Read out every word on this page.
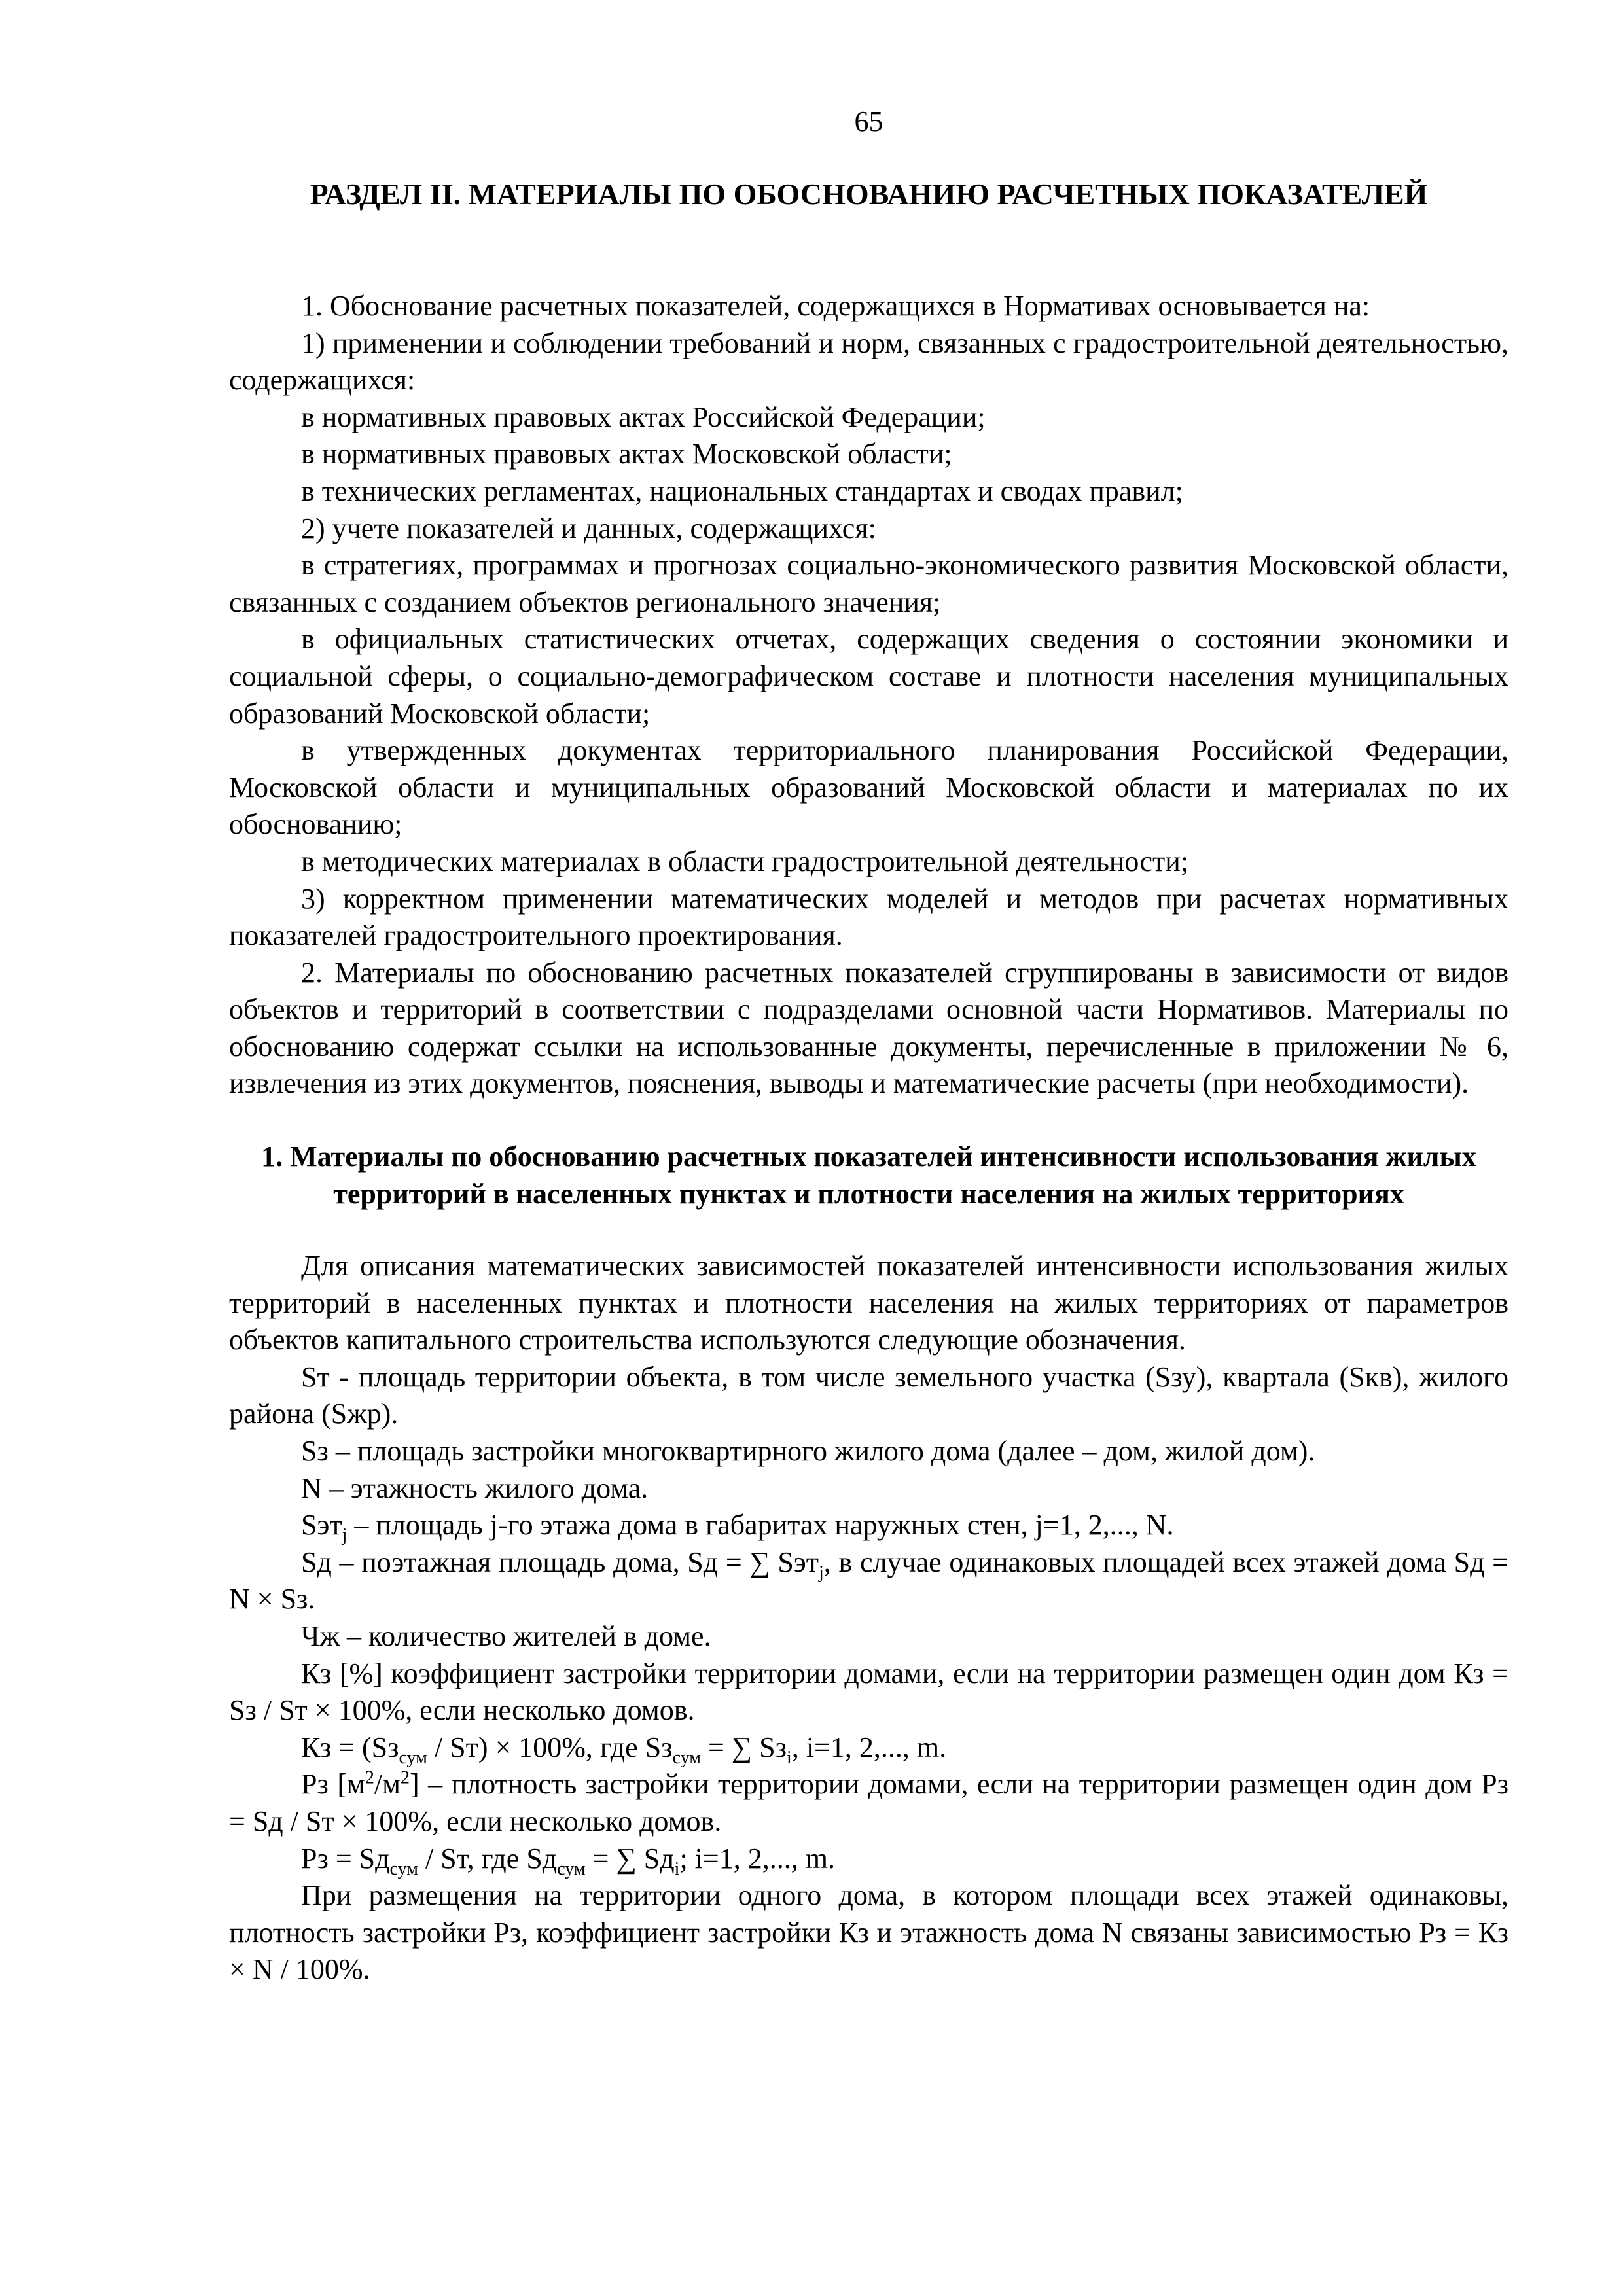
65
РАЗДЕЛ II. МАТЕРИАЛЫ ПО ОБОСНОВАНИЮ РАСЧЕТНЫХ ПОКАЗАТЕЛЕЙ

1. Обоснование расчетных показателей, содержащихся в Нормативах основывается на:

1) применении и соблюдении требований и норм, связанных с градостроительной деятельностью, содержащихся:

в нормативных правовых актах Российской Федерации;

в нормативных правовых актах Московской области;

в технических регламентах, национальных стандартах и сводах правил;

2) учете показателей и данных, содержащихся:

в стратегиях, программах и прогнозах социально-экономического развития Московской области, связанных с созданием объектов регионального значения;

в официальных статистических отчетах, содержащих сведения о состоянии экономики и социальной сферы, о социально-демографическом составе и плотности населения муниципальных образований Московской области;

в утвержденных документах территориального планирования Российской Федерации, Московской области и муниципальных образований Московской области и материалах по их обоснованию;

в методических материалах в области градостроительной деятельности;

3) корректном применении математических моделей и методов при расчетах нормативных показателей градостроительного проектирования.

2. Материалы по обоснованию расчетных показателей сгруппированы в зависимости от видов объектов и территорий в соответствии с подразделами основной части Нормативов. Материалы по обоснованию содержат ссылки на использованные документы, перечисленные в приложении № 6, извлечения из этих документов, пояснения, выводы и математические расчеты (при необходимости).

1. Материалы по обоснованию расчетных показателей интенсивности использования жилых территорий в населенных пунктах и плотности населения на жилых территориях

Для описания математических зависимостей показателей интенсивности использования жилых территорий в населенных пунктах и плотности населения на жилых территориях от параметров объектов капитального строительства используются следующие обозначения.

Sт - площадь территории объекта, в том числе земельного участка (Sзу), квартала (Sкв), жилого района (Sжр).

Sз – площадь застройки многоквартирного жилого дома (далее – дом, жилой дом).

N – этажность жилого дома.

Sэт$_j$ – площадь j-го этажа дома в габаритах наружных стен, j=1, 2,..., N.

Sд – поэтажная площадь дома, Sд = ∑ Sэт$_j$, в случае одинаковых площадей всех этажей дома Sд = N × Sз.

Чж – количество жителей в доме.

Кз [%] коэффициент застройки территории домами, если на территории размещен один дом Кз = Sз / Sт × 100%, если несколько домов.

Кз = $(Sз_{сум} / Sт) \times 100\%$, где $Sз_{сум}$ = ∑ $Sз_i$, i=1, 2,..., m.

Рз $[м^2/м^2]$ – плотность застройки территории домами, если на территории размещен один дом Рз = Sд / Sт × 100%, если несколько домов.

Рз = $Sд_{сум}$ / Sт, где $Sд_{сум}$ = ∑ $Sд_i$; i=1, 2,..., m.

При размещения на территории одного дома, в котором площади всех этажей одинаковы, плотность застройки Рз, коэффициент застройки Кз и этажность дома N связаны зависимостью Рз = Кз × N / 100%.
